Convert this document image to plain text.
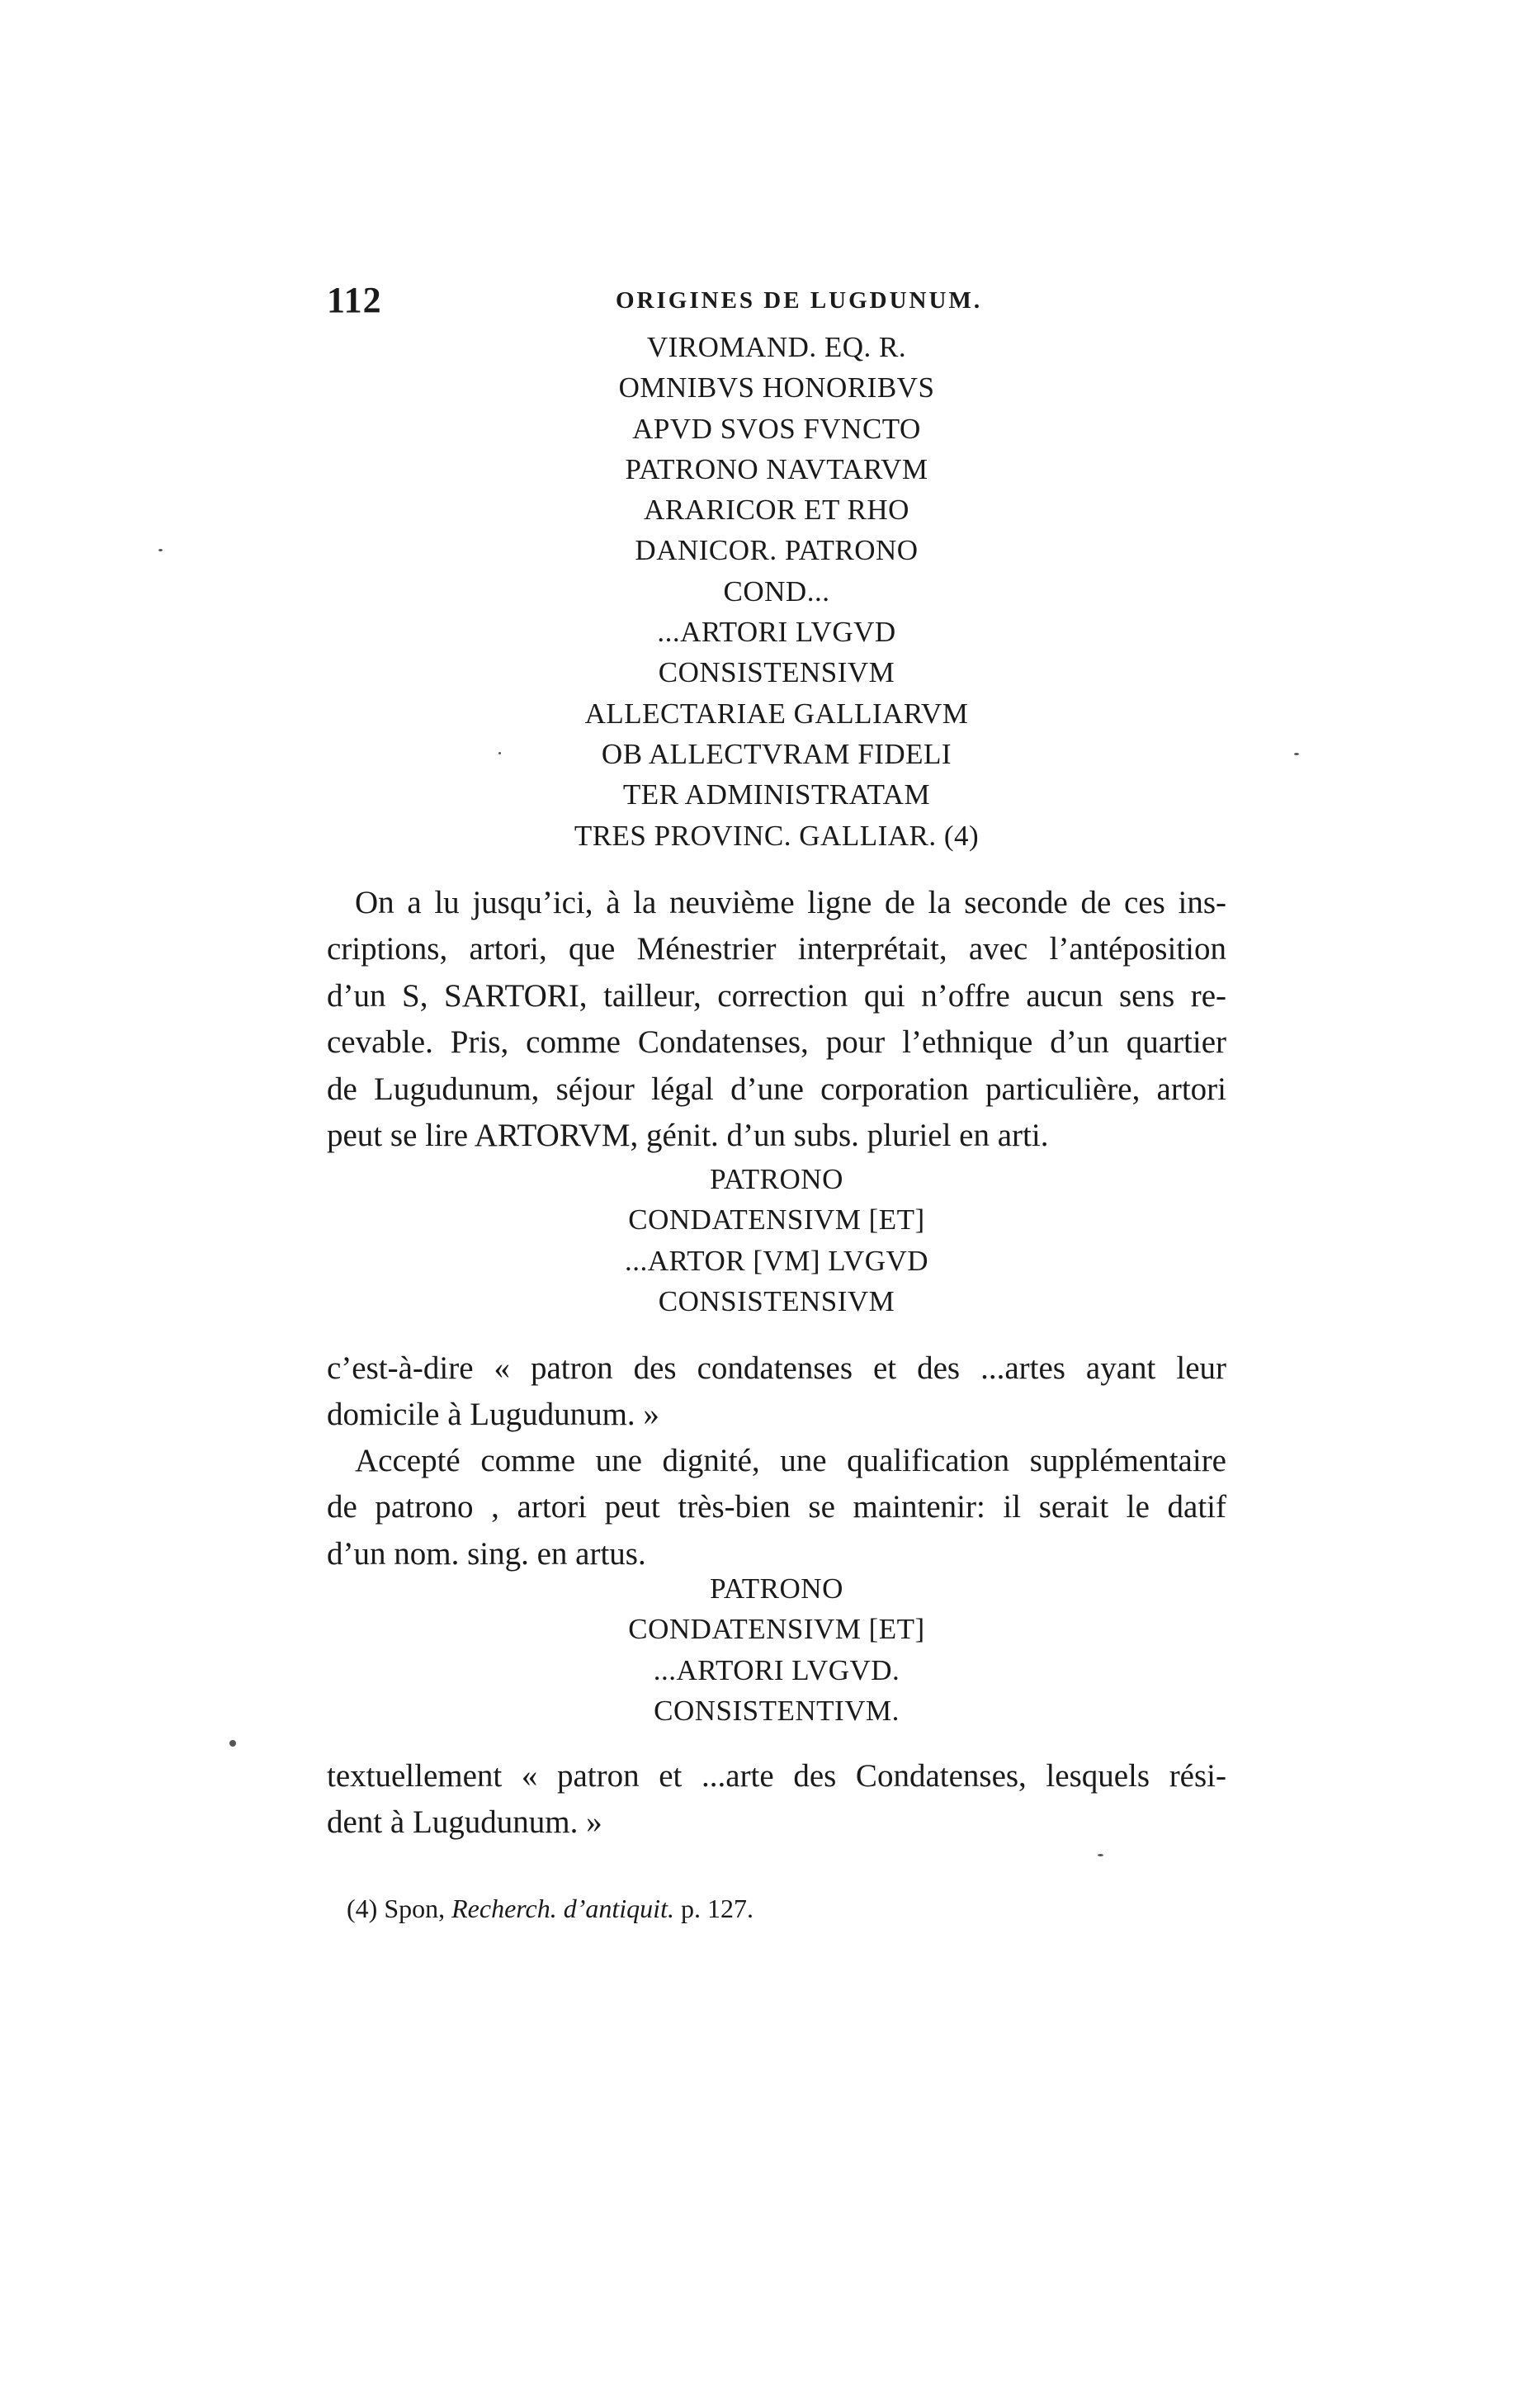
112	ORIGINES DE LUGDUNUM.
VIROMAND. EQ. R.
OMNIBVS HONORIBVS
APVD SVOS FVNCTO
PATRONO NAVTARVM
ARARICOR ET RHO
DANICOR. PATRONO
COND...
...ARTORI LVGVD
CONSISTENSIVM
ALLECTARIAE GALLIARVM
OB ALLECTVRAM FIDELI
TER ADMINISTRATAM
TRES PROVINC. GALLIAR. (4)

On a lu jusqu’ici, à la neuvième ligne de la seconde de ces ins-
criptions, artori, que Ménestrier interprétait, avec l’antéposition
d’un S, SARTORI, tailleur, correction qui n’offre aucun sens re-
cevable. Pris, comme Condatenses, pour l’ethnique d’un quartier
de Lugudunum, séjour légal d’une corporation particulière, artori
peut se lire ARTORVM, génit. d’un subs. pluriel en arti.

PATRONO
CONDATENSIVM [ET]
...ARTOR [VM] LVGVD
CONSISTENSIVM

c’est-à-dire « patron des condatenses et des ...artes ayant leur
domicile à Lugudunum. »

Accepté comme une dignité, une qualification supplémentaire
de patrono , artori peut très-bien se maintenir: il serait le datif
d’un nom. sing. en artus.

PATRONO
CONDATENSIVM [ET]
...ARTORI LVGVD.
CONSISTENTIVM.

textuellement « patron et ...arte des Condatenses, lesquels rési-
dent à Lugudunum. »

(4) Spon, Recherch. d’antiquit. p. 127.
